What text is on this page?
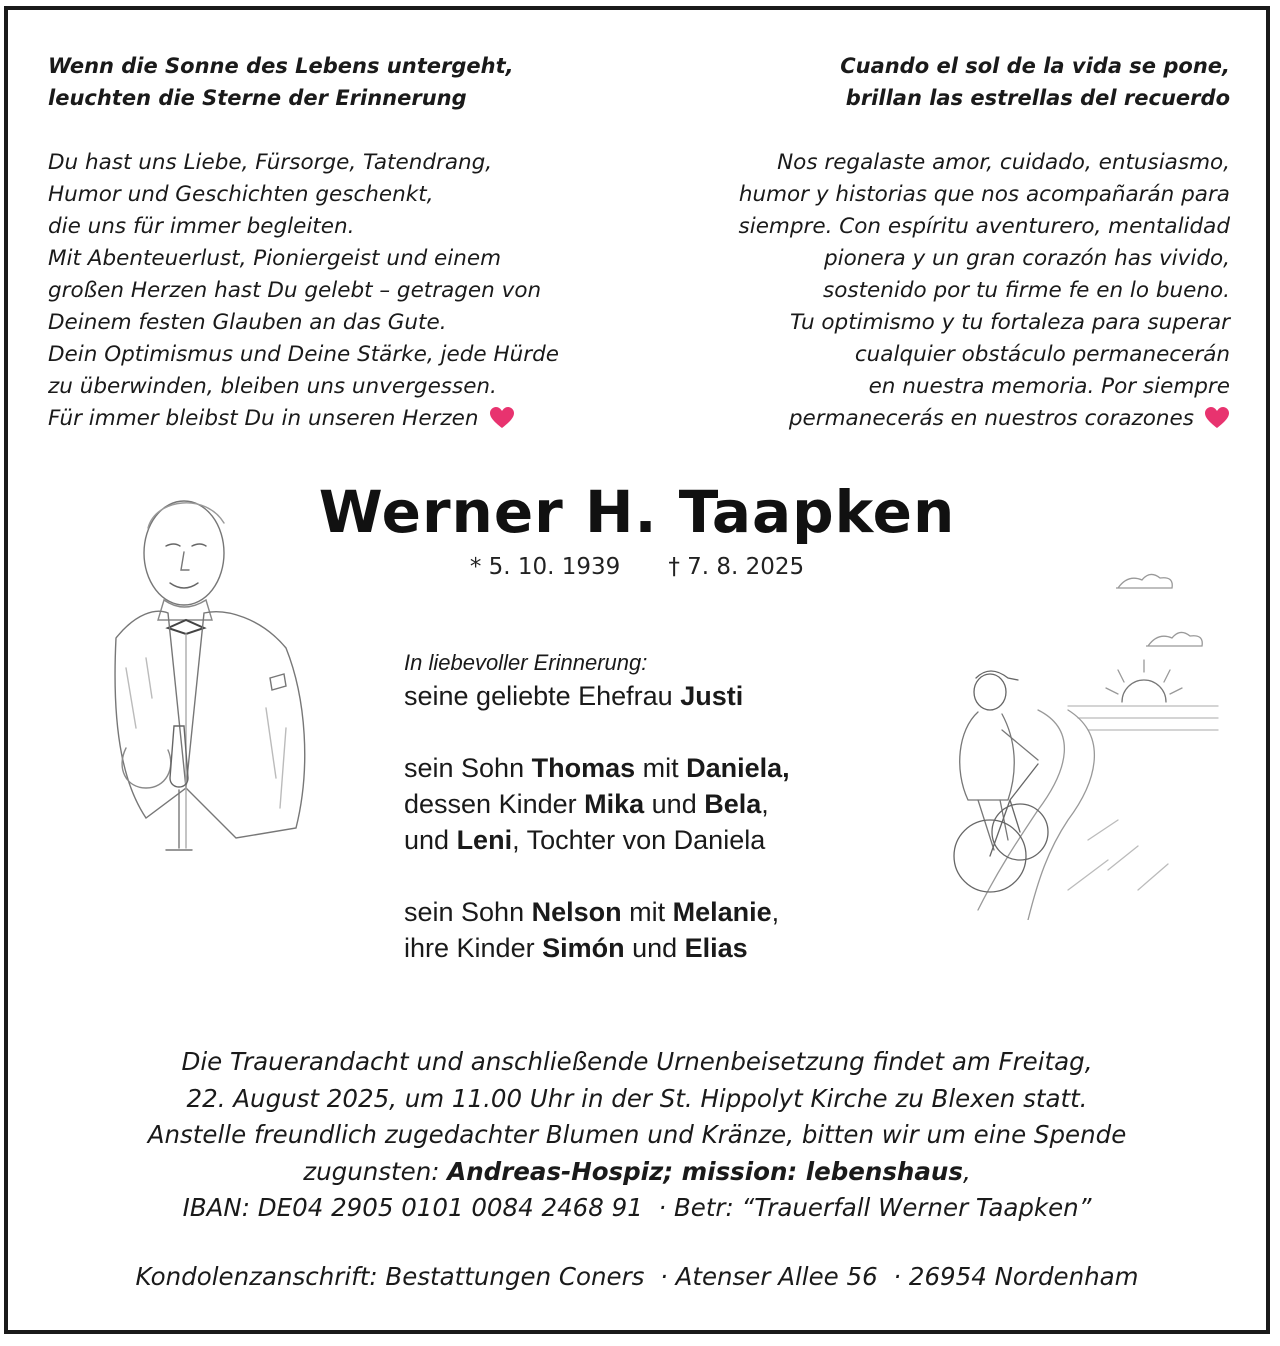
Wenn die Sonne des Lebens untergeht,
leuchten die Sterne der Erinnerung
Cuando el sol de la vida se pone,
brillan las estrellas del recuerdo
Du hast uns Liebe, Fürsorge, Tatendrang,
Humor und Geschichten geschenkt,
die uns für immer begleiten.
Mit Abenteuerlust, Pioniergeist und einem
großen Herzen hast Du gelebt – getragen von
Deinem festen Glauben an das Gute.
Dein Optimismus und Deine Stärke, jede Hürde
zu überwinden, bleiben uns unvergessen.
Für immer bleibst Du in unseren Herzen
Nos regalaste amor, cuidado, entusiasmo,
humor y historias que nos acompañarán para
siempre. Con espíritu aventurero, mentalidad
pionera y un gran corazón has vivido,
sostenido por tu firme fe en lo bueno.
Tu optimismo y tu fortaleza para superar
cualquier obstáculo permanecerán
en nuestra memoria. Por siempre
permanecerás en nuestros corazones
Werner H. Taapken
* 5. 10. 1939 † 7. 8. 2025
In liebevoller Erinnerung:
seine geliebte Ehefrau Justi
sein Sohn Thomas mit Daniela,
dessen Kinder Mika und Bela,
und Leni, Tochter von Daniela
sein Sohn Nelson mit Melanie,
ihre Kinder Simón und Elias
Die Trauerandacht und anschließende Urnenbeisetzung findet am Freitag,
22. August 2025, um 11.00 Uhr in der St. Hippolyt Kirche zu Blexen statt.
Anstelle freundlich zugedachter Blumen und Kränze, bitten wir um eine Spende
zugunsten: Andreas-Hospiz; mission: lebenshaus,
IBAN: DE04 2905 0101 0084 2468 91  · Betr: “Trauerfall Werner Taapken”
Kondolenzanschrift: Bestattungen Coners  · Atenser Allee 56  · 26954 Nordenham
